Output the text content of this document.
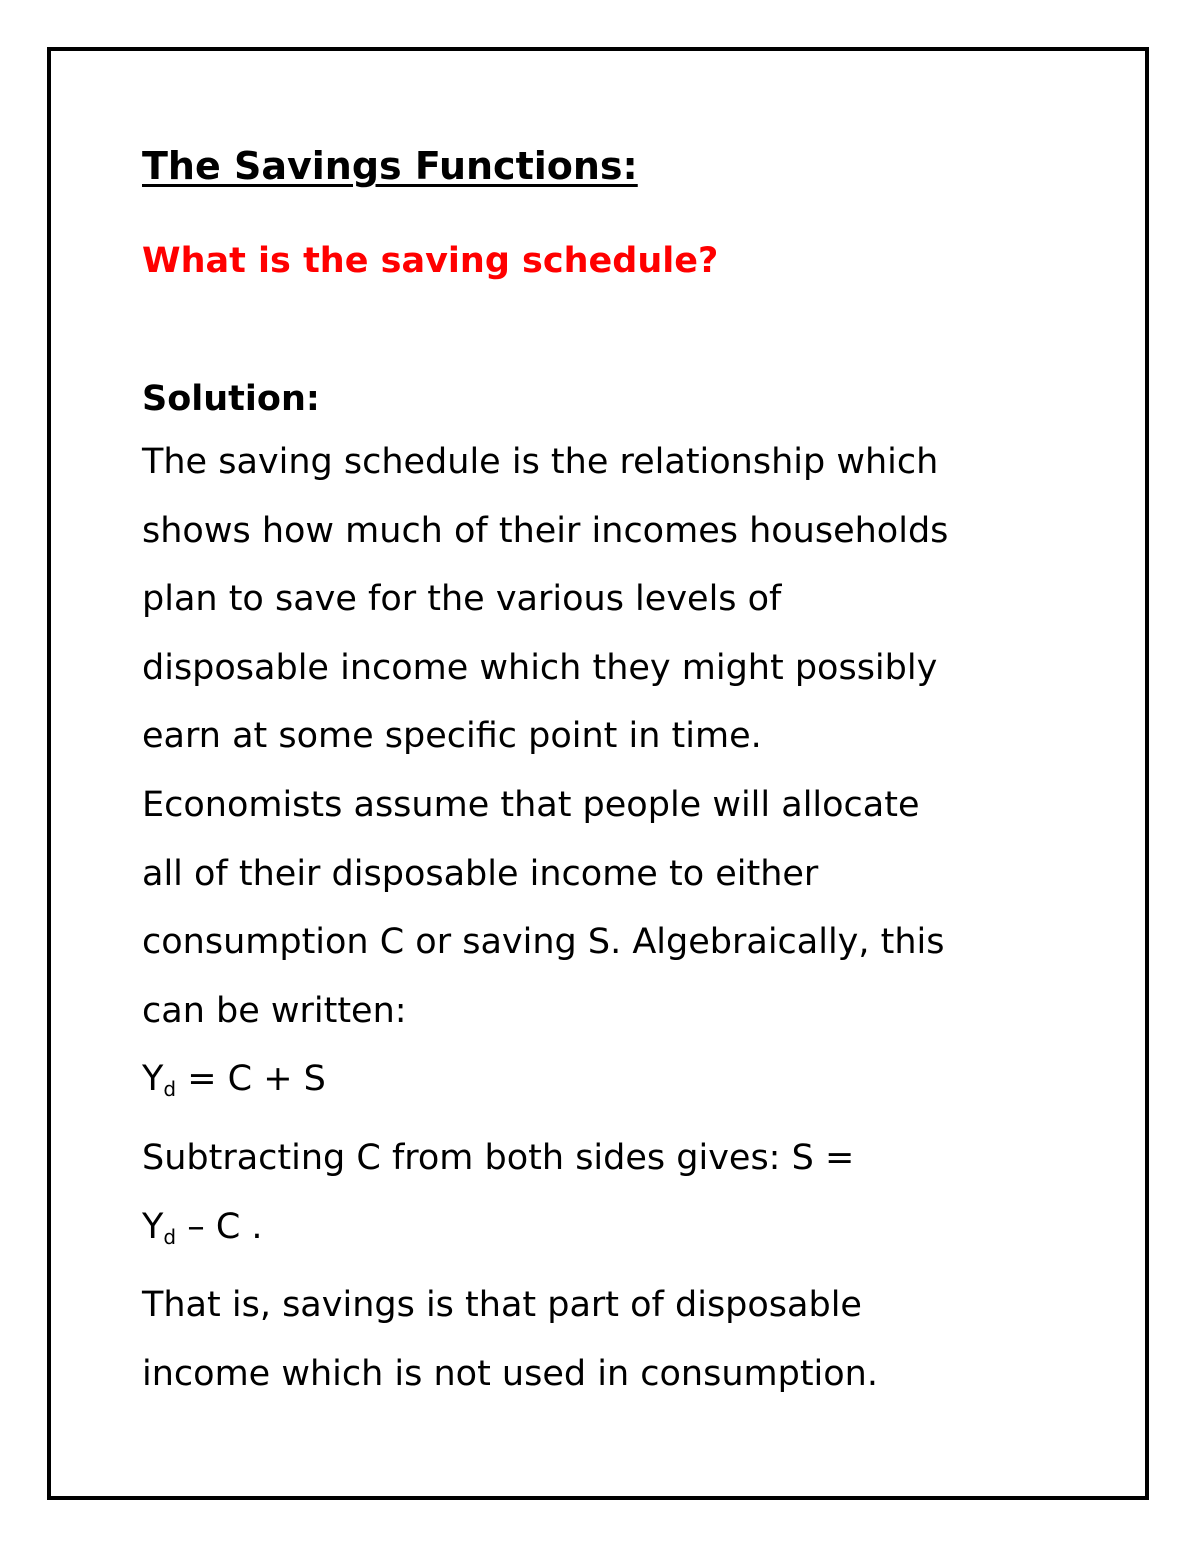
The Savings Functions:

What is the saving schedule?

Solution:

The saving schedule is the relationship which

shows how much of their incomes households

plan to save for the various levels of

disposable income which they might possibly

earn at some specific point in time.

Economists assume that people will allocate

all of their disposable income to either

consumption C or saving S. Algebraically, this

can be written:

$Y_d = C + S$

Subtracting C from both sides gives: S =

$Y_d$ – C .

That is, savings is that part of disposable

income which is not used in consumption.
